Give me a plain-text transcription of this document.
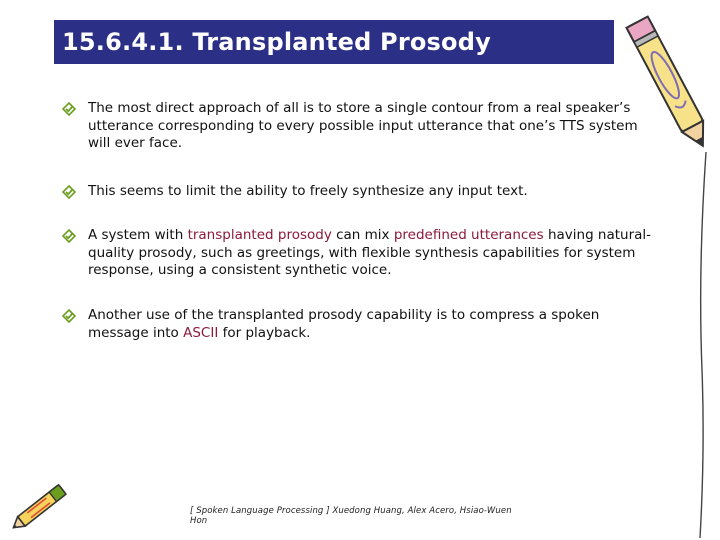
15.6.4.1. Transplanted Prosody
The most direct approach of all is to store a single contour from a real speaker’s utterance corresponding to every possible input utterance that one’s TTS system will ever face.
This seems to limit the ability to freely synthesize any input text.
A system with transplanted prosody can mix predefined utterances having natural-quality prosody, such as greetings, with flexible synthesis capabilities for system response, using a consistent synthetic voice.
Another use of the transplanted prosody capability is to compress a spoken message into ASCII for playback.
[ Spoken Language Processing ] Xuedong Huang, Alex Acero, Hsiao-Wuen Hon
